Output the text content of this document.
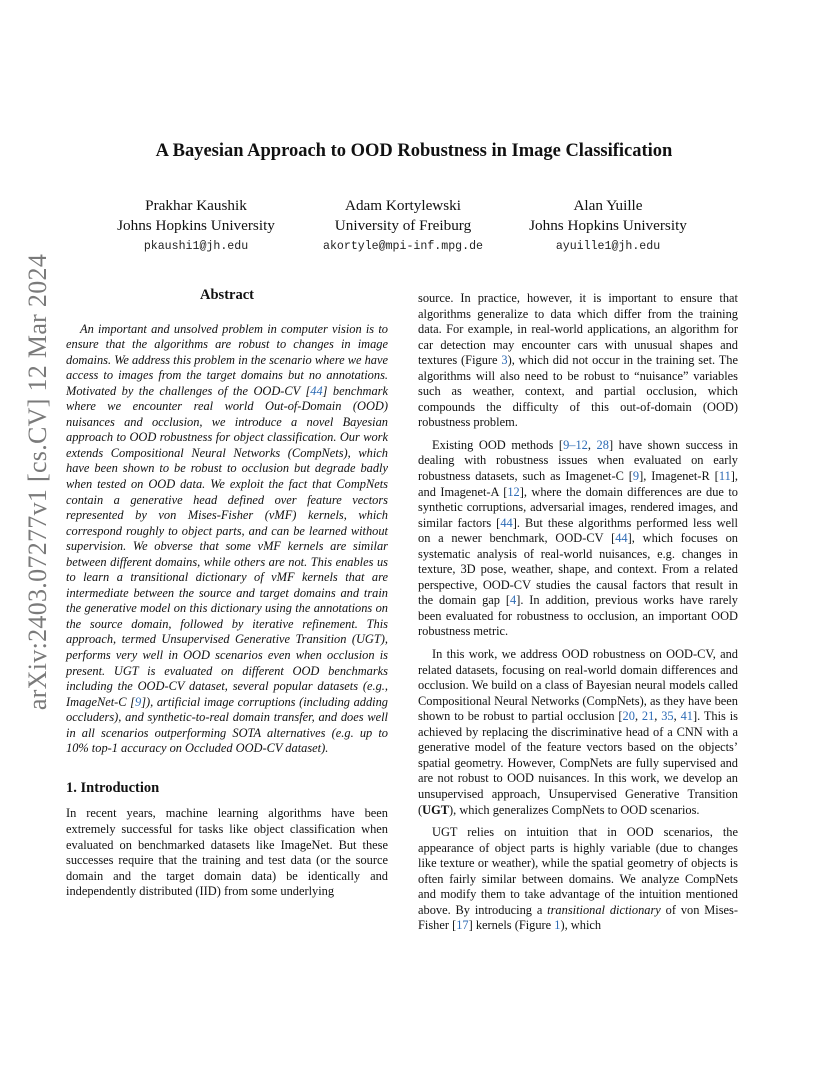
arXiv:2403.07277v1 [cs.CV] 12 Mar 2024
A Bayesian Approach to OOD Robustness in Image Classification
Prakhar Kaushik
Johns Hopkins University
pkaushi1@jh.edu
Adam Kortylewski
University of Freiburg
akortyle@mpi-inf.mpg.de
Alan Yuille
Johns Hopkins University
ayuille1@jh.edu
Abstract

An important and unsolved problem in computer vision is to ensure that the algorithms are robust to changes in image domains. We address this problem in the scenario where we have access to images from the target domains but no annotations. Motivated by the challenges of the OOD-CV [44] benchmark where we encounter real world Out-of-Domain (OOD) nuisances and occlusion, we introduce a novel Bayesian approach to OOD robustness for object classification. Our work extends Compositional Neural Networks (CompNets), which have been shown to be robust to occlusion but degrade badly when tested on OOD data. We exploit the fact that CompNets contain a generative head defined over feature vectors represented by von Mises-Fisher (vMF) kernels, which correspond roughly to object parts, and can be learned without supervision. We obverse that some vMF kernels are similar between different domains, while others are not. This enables us to learn a transitional dictionary of vMF kernels that are intermediate between the source and target domains and train the generative model on this dictionary using the annotations on the source domain, followed by iterative refinement. This approach, termed Unsupervised Generative Transition (UGT), performs very well in OOD scenarios even when occlusion is present. UGT is evaluated on different OOD benchmarks including the OOD-CV dataset, several popular datasets (e.g., ImageNet-C [9]), artificial image corruptions (including adding occluders), and synthetic-to-real domain transfer, and does well in all scenarios outperforming SOTA alternatives (e.g. up to 10% top-1 accuracy on Occluded OOD-CV dataset).

1. Introduction

In recent years, machine learning algorithms have been extremely successful for tasks like object classification when evaluated on benchmarked datasets like ImageNet. But these successes require that the training and test data (or the source domain and the target domain data) be identically and independently distributed (IID) from some underlying

source. In practice, however, it is important to ensure that algorithms generalize to data which differ from the training data. For example, in real-world applications, an algorithm for car detection may encounter cars with unusual shapes and textures (Figure 3), which did not occur in the training set. The algorithms will also need to be robust to “nuisance” variables such as weather, context, and partial occlusion, which compounds the difficulty of this out-of-domain (OOD) robustness problem.

Existing OOD methods [9–12, 28] have shown success in dealing with robustness issues when evaluated on early robustness datasets, such as Imagenet-C [9], Imagenet-R [11], and Imagenet-A [12], where the domain differences are due to synthetic corruptions, adversarial images, rendered images, and similar factors [44]. But these algorithms performed less well on a newer benchmark, OOD-CV [44], which focuses on systematic analysis of real-world nuisances, e.g. changes in texture, 3D pose, weather, shape, and context. From a related perspective, OOD-CV studies the causal factors that result in the domain gap [4]. In addition, previous works have rarely been evaluated for robustness to occlusion, an important OOD robustness metric.

In this work, we address OOD robustness on OOD-CV, and related datasets, focusing on real-world domain differences and occlusion. We build on a class of Bayesian neural models called Compositional Neural Networks (CompNets), as they have been shown to be robust to partial occlusion [20, 21, 35, 41]. This is achieved by replacing the discriminative head of a CNN with a generative model of the feature vectors based on the objects’ spatial geometry. However, CompNets are fully supervised and are not robust to OOD nuisances. In this work, we develop an unsupervised approach, Unsupervised Generative Transition (UGT), which generalizes CompNets to OOD scenarios.

UGT relies on intuition that in OOD scenarios, the appearance of object parts is highly variable (due to changes like texture or weather), while the spatial geometry of objects is often fairly similar between domains. We analyze CompNets and modify them to take advantage of the intuition mentioned above. By introducing a transitional dictionary of von Mises-Fisher [17] kernels (Figure 1), which
